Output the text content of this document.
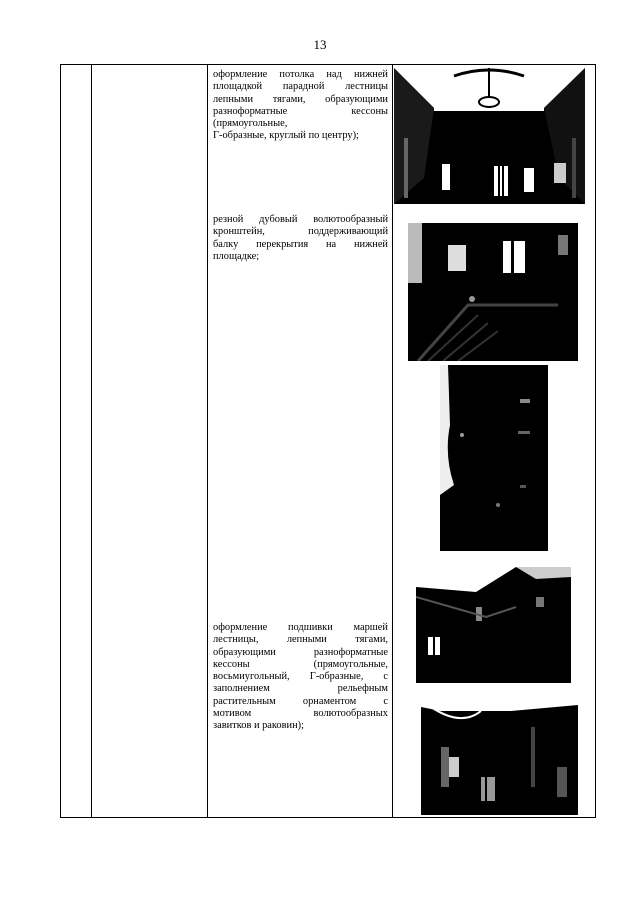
13
оформление потолка над нижней
площадкой парадной лестницы
лепными тягами, образующими
разноформатные кессоны
(прямоугольные,
Г-образные, круглый по центру);
резной дубовый волютообразный
кронштейн, поддерживающий
балку перекрытия на нижней
площадке;
оформление подшивки маршей
лестницы, лепными тягами,
образующими разноформатные
кессоны (прямоугольные,
восьмиугольный, Г-образные, с
заполнением рельефным
растительным орнаментом с
мотивом волютообразных
завитков и раковин);
